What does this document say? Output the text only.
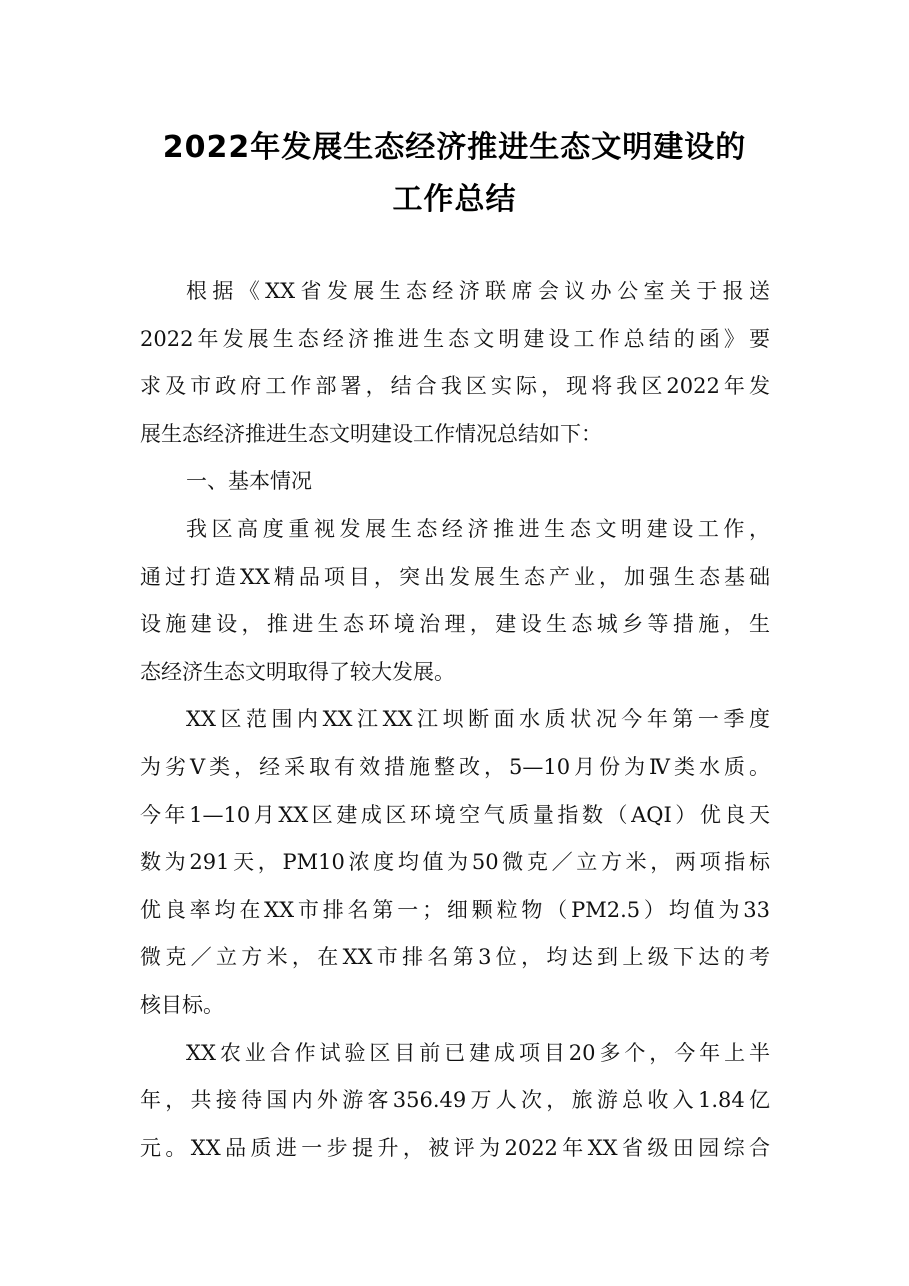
2022年发展生态经济推进生态文明建设的
工作总结
根据《XX省发展生态经济联席会议办公室关于报送
2022年发展生态经济推进生态文明建设工作总结的函》要
求及市政府工作部署，结合我区实际，现将我区2022年发
展生态经济推进生态文明建设工作情况总结如下：
一、基本情况
我区高度重视发展生态经济推进生态文明建设工作，
通过打造XX精品项目，突出发展生态产业，加强生态基础
设施建设，推进生态环境治理，建设生态城乡等措施，生
态经济生态文明取得了较大发展。
XX区范围内XX江XX江坝断面水质状况今年第一季度
为劣Ⅴ类，经采取有效措施整改，5—10月份为Ⅳ类水质。
今年1—10月XX区建成区环境空气质量指数（AQI）优良天
数为291天，PM10浓度均值为50微克／立方米，两项指标
优良率均在XX市排名第一；细颗粒物（PM2.5）均值为33
微克／立方米，在XX市排名第3位，均达到上级下达的考
核目标。
XX农业合作试验区目前已建成项目20多个，今年上半
年，共接待国内外游客356.49万人次，旅游总收入1.84亿
元。XX品质进一步提升，被评为2022年XX省级田园综合
